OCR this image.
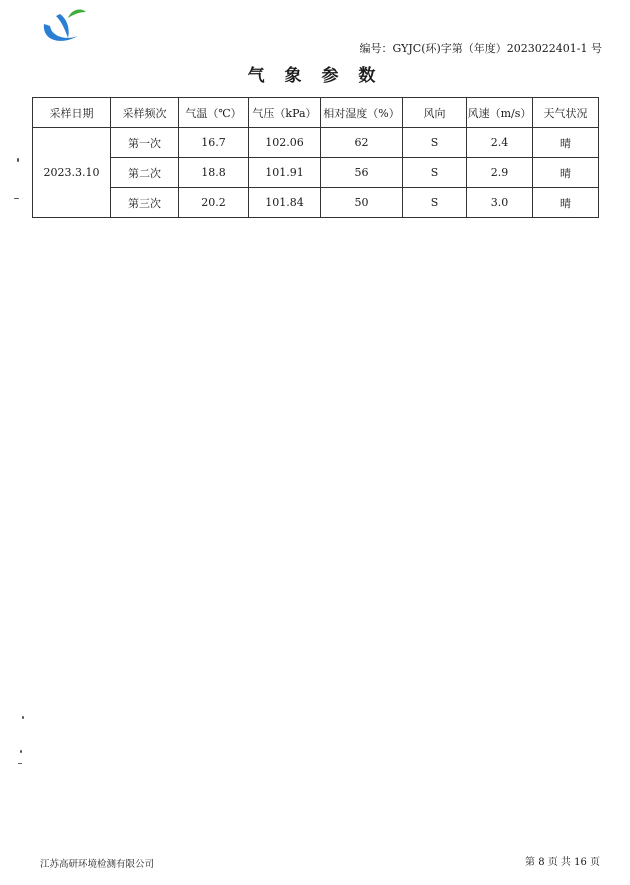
编号：GYJC(环)字第（年度）2023022401-1 号
气 象 参 数
采样日期	采样频次	气温（℃）	气压（kPa）	相对湿度（%）	风向	风速（m/s）	天气状况
2023.3.10	第一次	16.7	102.06	62	S	2.4	晴
	第二次	18.8	101.91	56	S	2.9	晴
	第三次	20.2	101.84	50	S	3.0	晴
江苏高研环境检测有限公司	第 8 页 共 16 页
